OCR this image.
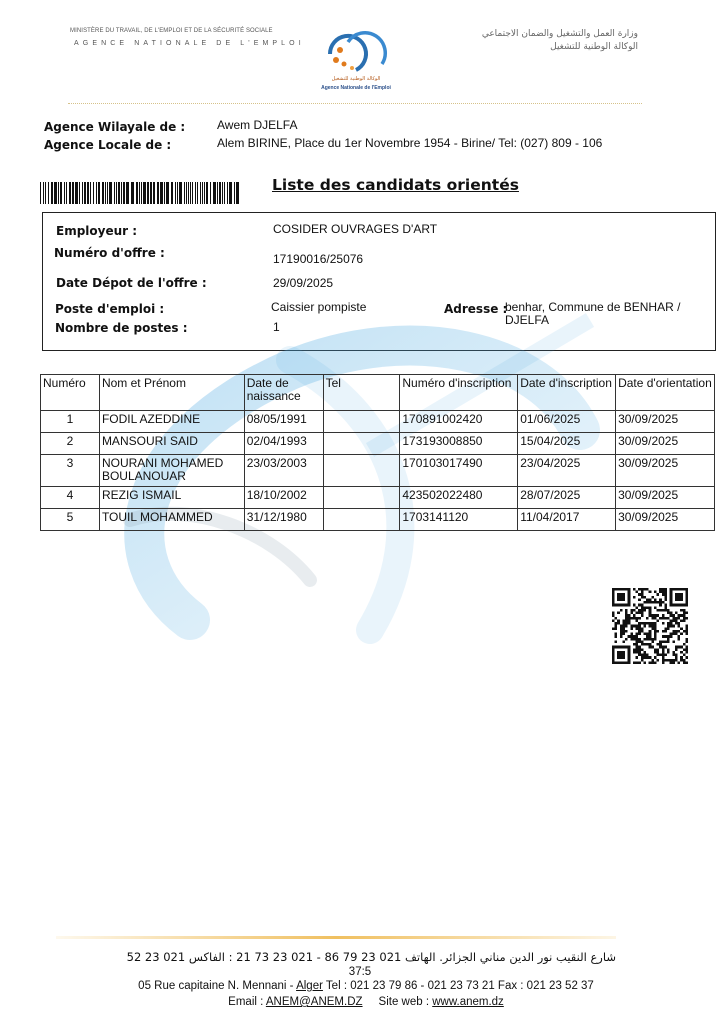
MINISTÈRE DU TRAVAIL, DE L'EMPLOI ET DE LA SÉCURITÉ SOCIALE
AGENCE NATIONALE DE L'EMPLOI
وزارة العمل والتشغيل والضمان الاجتماعي
الوكالة الوطنية للتشغيل
الوكالة الوطنية للتشغيل
Agence Nationale de l'Emploi
Agence Wilayale de :	Awem DJELFA
Agence Locale de :	Alem BIRINE, Place du 1er Novembre 1954 - Birine/ Tel: (027) 809 - 106
Liste des candidats orientés
Employeur :	COSIDER OUVRAGES D'ART
Numéro d'offre :	17190016/25076
Date Dépot de l'offre :	29/09/2025
Poste d'emploi :	Caissier pompiste	Adresse :
benhar, Commune de BENHAR /
DJELFA
Nombre de postes :	1
Numéro	Nom et Prénom	Date de
naissance	Tel	Numéro d'inscription	Date d'inscription	Date d'orientation
1	FODIL AZEDDINE	08/05/1991		170891002420	01/06/2025	30/09/2025
2	MANSOURI SAID	02/04/1993		173193008850	15/04/2025	30/09/2025
3	NOURANI MOHAMED
BOULANOUAR	23/03/2003		170103017490	23/04/2025	30/09/2025
4	REZIG ISMAIL	18/10/2002		423502022480	28/07/2025	30/09/2025
5	TOUIL MOHAMMED	31/12/1980		1703141120	11/04/2017	30/09/2025
شارع النقيب نور الدين مناني الجزائر. الهاتف 021 23 79 86 - 021 23 73 21 : الفاكس 021 23 52
37:5
05 Rue capitaine N. Mennani - Alger Tel : 021 23 79 86 - 021 23 73 21 Fax : 021 23 52 37
Email : ANEM@ANEM.DZ     Site web : www.anem.dz
